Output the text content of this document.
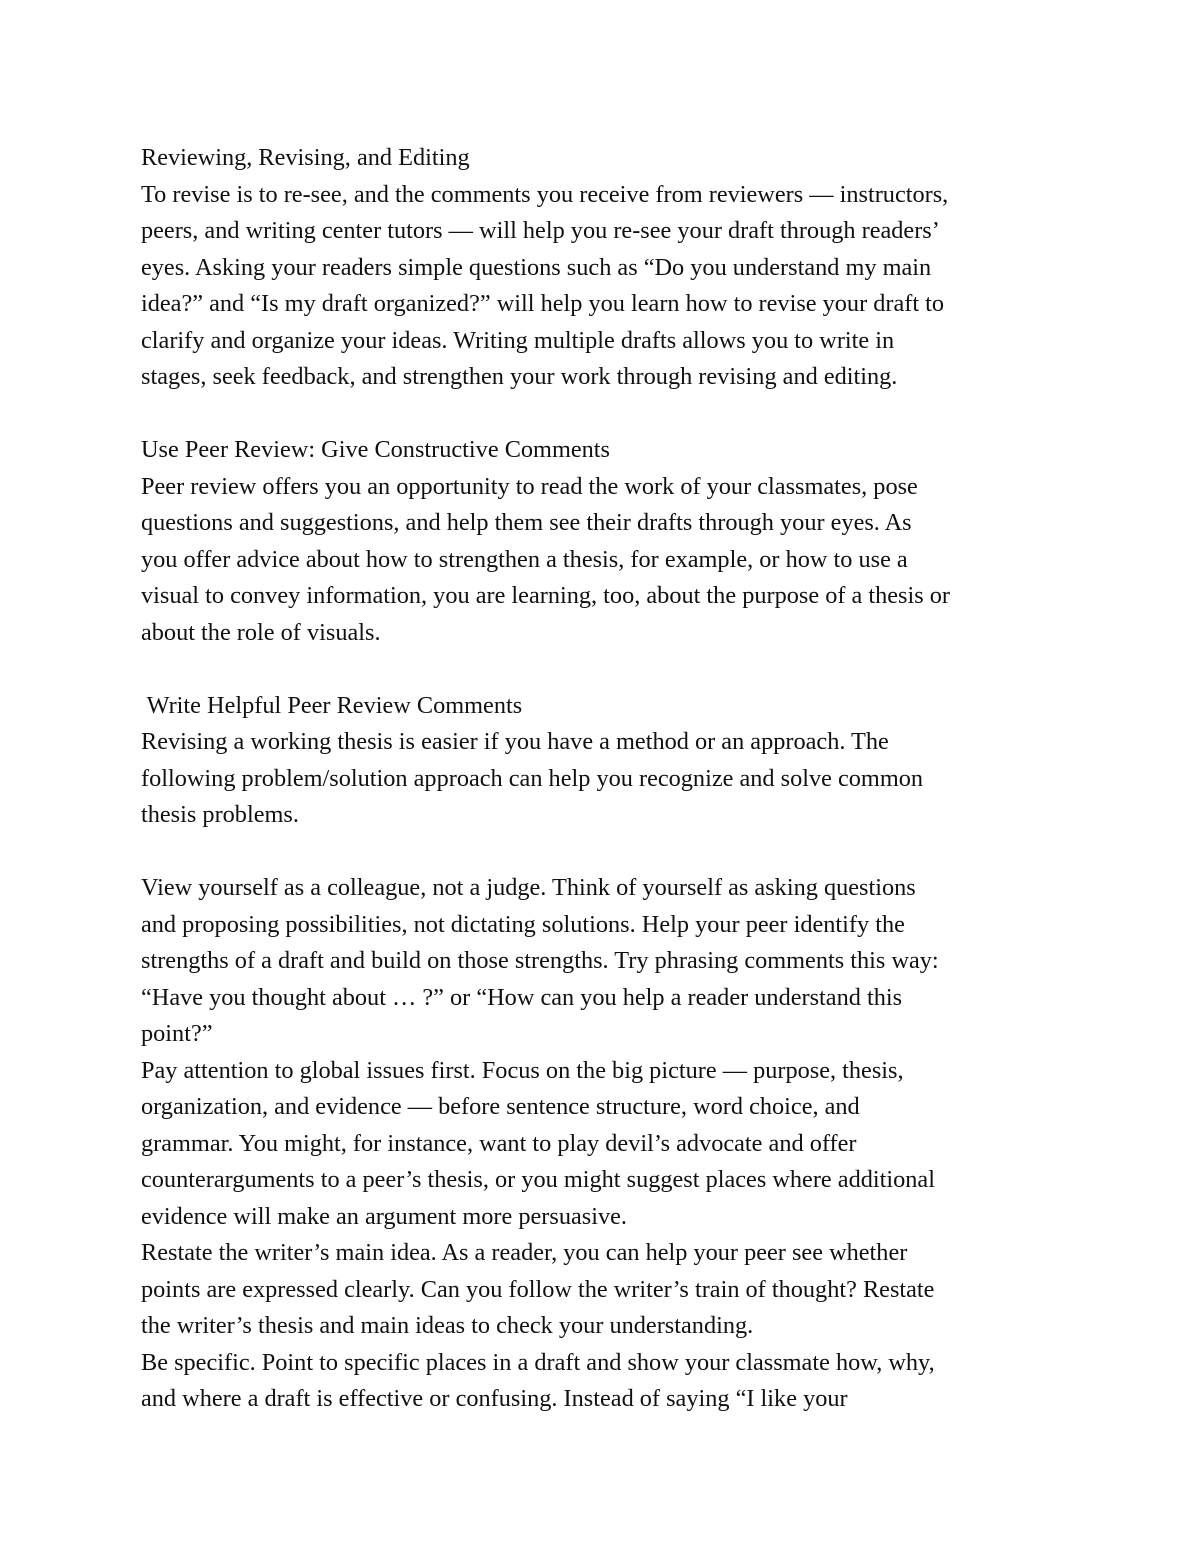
Reviewing, Revising, and Editing
To revise is to re-see, and the comments you receive from reviewers — instructors,
peers, and writing center tutors — will help you re-see your draft through readers’
eyes. Asking your readers simple questions such as “Do you understand my main
idea?” and “Is my draft organized?” will help you learn how to revise your draft to
clarify and organize your ideas. Writing multiple drafts allows you to write in
stages, seek feedback, and strengthen your work through revising and editing.
Use Peer Review: Give Constructive Comments
Peer review offers you an opportunity to read the work of your classmates, pose
questions and suggestions, and help them see their drafts through your eyes. As
you offer advice about how to strengthen a thesis, for example, or how to use a
visual to convey information, you are learning, too, about the purpose of a thesis or
about the role of visuals.
Write Helpful Peer Review Comments
Revising a working thesis is easier if you have a method or an approach. The
following problem/solution approach can help you recognize and solve common
thesis problems.
View yourself as a colleague, not a judge. Think of yourself as asking questions
and proposing possibilities, not dictating solutions. Help your peer identify the
strengths of a draft and build on those strengths. Try phrasing comments this way:
“Have you thought about … ?” or “How can you help a reader understand this
point?”
Pay attention to global issues first. Focus on the big picture — purpose, thesis,
organization, and evidence — before sentence structure, word choice, and
grammar. You might, for instance, want to play devil’s advocate and offer
counterarguments to a peer’s thesis, or you might suggest places where additional
evidence will make an argument more persuasive.
Restate the writer’s main idea. As a reader, you can help your peer see whether
points are expressed clearly. Can you follow the writer’s train of thought? Restate
the writer’s thesis and main ideas to check your understanding.
Be specific. Point to specific places in a draft and show your classmate how, why,
and where a draft is effective or confusing. Instead of saying “I like your
